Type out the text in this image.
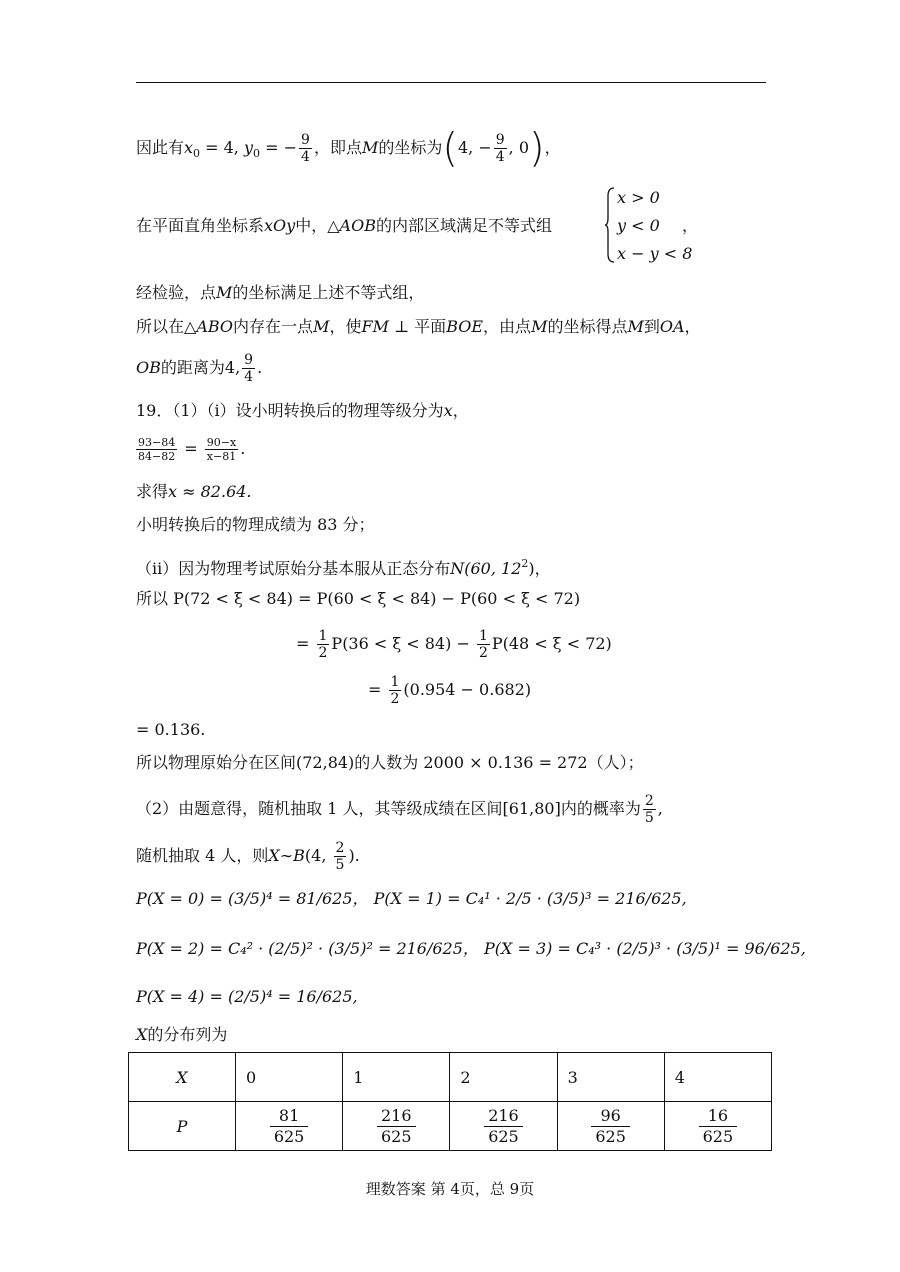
因此有$x_0 = 4$, $y_0$ = − $\frac{9}{4}$ ，即点M的坐标为(4, − $\frac{9}{4}$ , 0)，
在平面直角坐标系xOy中，△AOB的内部区域满足不等式组
x > 0
y < 0
x − y < 8
，
经检验，点M的坐标满足上述不等式组，
所以在△ABO内存在一点M，使FM ⊥ 平面BOE，由点M的坐标得点M到OA，
OB的距离为4, $\frac{9}{4}$ .
19．（1）（i）设小明转换后的物理等级分为x，
$\frac{93-84}{84-82} = \frac{90-x}{x-81}$ .
求得x ≈ 82.64.
小明转换后的物理成绩为 83 分；
（ii）因为物理考试原始分基本服从正态分布N(60, $12^2$)，
所以 P(72 < ξ < 84) = P(60 < ξ < 84) − P(60 < ξ < 72)
= $\frac{1}{2} P(36 < \xi < 84) - \frac{1}{2} P(48 < \xi < 72)$
= $\frac{1}{2} (0.954 - 0.682)$
= 0.136.
所以物理原始分在区间(72,84)的人数为 2000 × 0.136 = 272（人）；
（2）由题意得，随机抽取 1 人，其等级成绩在区间[61,80]内的概率为 $\frac{2}{5}$ ,
随机抽取 4 人，则X∼B(4, $\frac{2}{5}$ ).
P(X = 0) = (3/5)⁴ = 81/625， P(X = 1) = C₄¹ · 2/5 · (3/5)³ = 216/625,
P(X = 2) = C₄² · (2/5)² · (3/5)² = 216/625， P(X = 3) = C₄³ · (2/5)³ · (3/5)¹ = 96/625,
P(X = 4) = (2/5)⁴ = 16/625,
X的分布列为
X	0	1	2	3	4
P	$\frac{81}{625}$	$\frac{216}{625}$	$\frac{216}{625}$	$\frac{96}{625}$	$\frac{16}{625}$
理数答案 第 4页，总 9页
